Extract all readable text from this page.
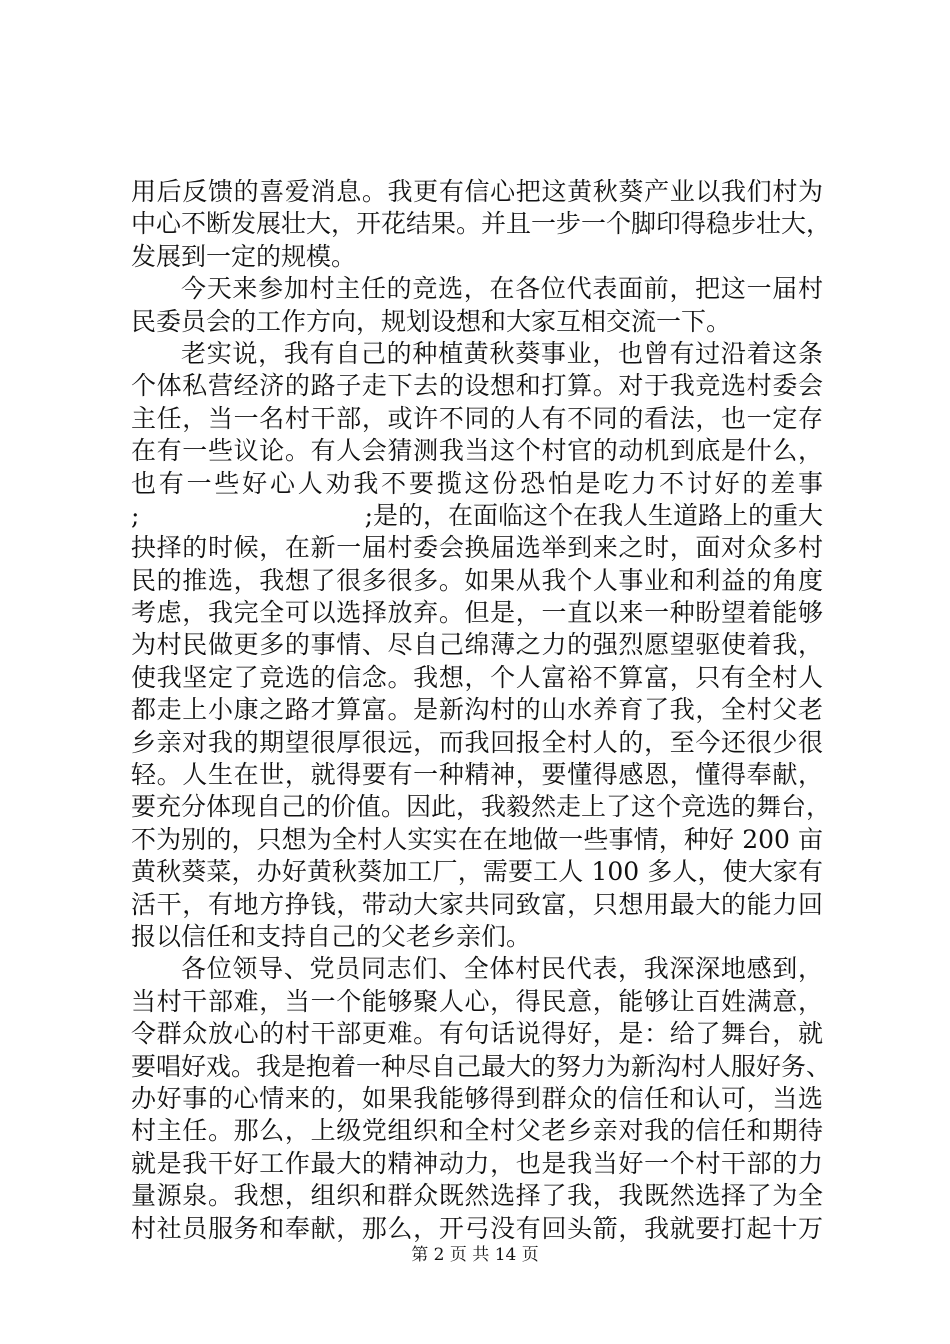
用后反馈的喜爱消息。我更有信心把这黄秋葵产业以我们村为
中心不断发展壮大，开花结果。并且一步一个脚印得稳步壮大，
发展到一定的规模。
今天来参加村主任的竞选，在各位代表面前，把这一届村
民委员会的工作方向，规划设想和大家互相交流一下。
老实说，我有自己的种植黄秋葵事业，也曾有过沿着这条
个体私营经济的路子走下去的设想和打算。对于我竞选村委会
主任，当一名村干部，或许不同的人有不同的看法，也一定存
在有一些议论。有人会猜测我当这个村官的动机到底是什么，
也有一些好心人劝我不要揽这份恐怕是吃力不讨好的差事
;	;是的，在面临这个在我人生道路上的重大
抉择的时候，在新一届村委会换届选举到来之时，面对众多村
民的推选，我想了很多很多。如果从我个人事业和利益的角度
考虑，我完全可以选择放弃。但是，一直以来一种盼望着能够
为村民做更多的事情、尽自己绵薄之力的强烈愿望驱使着我，
使我坚定了竞选的信念。我想，个人富裕不算富，只有全村人
都走上小康之路才算富。是新沟村的山水养育了我，全村父老
乡亲对我的期望很厚很远，而我回报全村人的，至今还很少很
轻。人生在世，就得要有一种精神，要懂得感恩，懂得奉献，
要充分体现自己的价值。因此，我毅然走上了这个竞选的舞台，
不为别的，只想为全村人实实在在地做一些事情，种好 200 亩
黄秋葵菜，办好黄秋葵加工厂，需要工人 100 多人，使大家有
活干，有地方挣钱，带动大家共同致富，只想用最大的能力回
报以信任和支持自己的父老乡亲们。
各位领导、党员同志们、全体村民代表，我深深地感到，
当村干部难，当一个能够聚人心，得民意，能够让百姓满意，
令群众放心的村干部更难。有句话说得好，是：给了舞台，就
要唱好戏。我是抱着一种尽自己最大的努力为新沟村人服好务、
办好事的心情来的，如果我能够得到群众的信任和认可，当选
村主任。那么，上级党组织和全村父老乡亲对我的信任和期待
就是我干好工作最大的精神动力，也是我当好一个村干部的力
量源泉。我想，组织和群众既然选择了我，我既然选择了为全
村社员服务和奉献，那么，开弓没有回头箭，我就要打起十万
第 2 页 共 14 页
